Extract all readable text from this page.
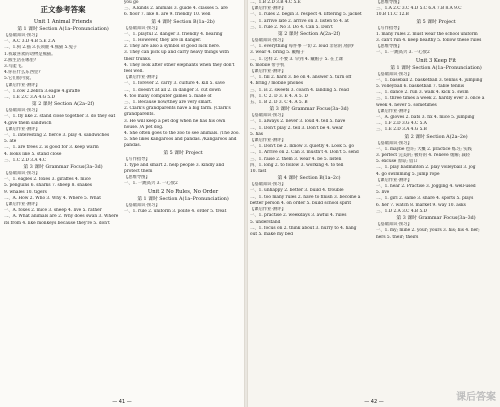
正文参考答案
Unit 1 Animal Friends
第 1 课时 Section A(1a–Pronunciation)
【基础知识·预习】
一、A.C 3.D 4.B 5.E 2.A
二、1.狗 2.猫 3.长颈鹿 4.熊猫 5.兔子
1.我最喜欢的动物是熊猫。
2.熊生活在哪里?
3.鸟能飞。
4.你在什么东西里?
5.它们很可爱。
【课后作业·测评】
一、1.cow 2.zebra 3.eagle 4.giraffe
二、1.E 2.C 3.A 4.G 5.D
第 2 课时 Section A(2a–2f)
【基础知识·预习】
一、1. fly like 2. stand close together 3. do they eat
4.give them sandwich
【课后作业·测评】
一、1. interesting 2. fierce 3. play 4. sandwiches
5. ate
二、1. are trees 2. is good for 3. keep warm
4. looks like 5. stand close
三、1.C 2.D 3.A 4.C
第 3 课时 Grammar Focus(3a–3d)
【基础知识·预习】
一、1. eagles 2. foxes 3. giraffes 4. mice
5. penguins 6. sharks 7. sheep 8. snakes
9. whales 10. tigers
二、A. How 2. Who 3. Why 4. Where 5. What
【课后作业·测评】
一、A. foxes 2. mice 3. sheep 4. live 5. rather
二、A. What animals are 2. Why does swan 3. Where
its from 4. like monkeys because they're 5. don't
you go
三、A.kinds 2. animals 3. guide 4. classes 5. are
6. floor 7. like 8. are 9. friendly 10. well
第 4 课时 Section B(1a–2b)
【基础知识·预习】
一、1. playful 2. danger 3. friendly 4. hearing
二、1. However, they are in danger.
2. They are also a symbol of good luck here.
3. They can pick up and carry heavy things with
their trunks.
4. They look after other elephants when they don't
feel well.
【课后作业·测评】
一、1. forever 2. carry 3. culture 4. kill 5. save
二、1. doesn't at all 2. in danger 3. cut down
4. too many computer games 5. made of
三、1. Because now/they are very smart.
2. Clark's grandparents have a big farm. (Clark's
grandparents.
3. He will keep a pet dog when he has his own
house. /A pet dog.
4. She often goes to the zoo to see animals. /The zoo.
5. She likes kangaroos and pandas. /Kangaroos and
pandas.
第 5 课时 Project
【写作指导】
1. type and smart 2. help people 3. kindly and
protect them
【思维导图】
一、1. 一跳高兴 3. 一心放2
Unit 2 No Rules, No Order
第 1 课时 Section A(1a–Pronunciation)
【基础知识·预习】
一、1. rule 2. uniform 3. polite 4. order 5. treat
— 41 —
二、1.B 2.D 3.B 4.C 5.E
【课后作业·测评】
一、1. rules 2. begin 3. respect 4. littering 5. jacket
二、1. arrive late 2. arrive on 3. listen to 4. at
三、1. rule 2. No 3. Do 4. Can 5. Don't
第 2 课时 Section A(2a–2f)
【基础知识·预习】
一、1. everything 每件事 一切 2. loud 非常的 /很吵
3. wear 4. bring 5. 戴帽子
二、1. 这样 2. 不要 3. 早到 4. 戴帽子 5. 在上课
6. mobile 带手机
【课后作业·测评】
一、1. fill 2. hard 3. be on 4. answer 5. turn off
4. bring / mobile phones
三、1. is 2. sweets 3. coach 4. landing 5. read
四、1. C 2. D 3. E 4. A 5. D
五、1. B 2. D 3. C 4. A 5. B
第 3 课时 Grammar Focus(3a–3d)
【基础知识·预习】
一、1. always 2. never 3. loud 4. tell 5. have
二、1. Don't play 2. tell 3. Don't be 4. wear
5. has
【课后作业·测评】
一、1. Don't be 2. Iknow 3. quietly 4. Look 5. go
二、1. Arrive on 2. Can 3. mustn't 4. Don't 5. send
三、1. raise 2. them 3. wear 4. be 5. listen
四、1. long 2. to follow 3. working 4. to tell
10. fast
第 4 课时 Section B(1a–2c)
【基础知识·预习】
一、1. unhappy 2. better 3. build 4. trouble
二、1. too many rules 2. have to finish 3. become a
better person 4. on order 5. build school spirit
【课后作业·测评】
一、1. practise 2. weekdays 3. awful 4. rules
5. understand
二、1. focus on 2. think about 3. hurry to 4. hang
out 5. make my bed
【思维导图】
三、1.A 2.C 3.C 4.D 5.C 6.A 7.B 8.A 9.C
10.B 11.C 12.B
第 5 课时 Project
【写作指导】
1. many rules 2. must wear the school uniform
3. can't run 4. keep healthy 5. follow these rules
【思维导图】
一、1. 一跳高兴 3. 一心放2
Unit 3 Keep Fit
第 1 课时 Section A(1a–Pronunciation)
【基础知识·预习】
一、1. baseball 2. basketball 3. tennis 4. jumping
5. volleyball 6. basketball 7. table tennis
二、1. dance 2. run 3. walk 4. kick 5. swim
三、1. three times a week 2. hardly ever 3. once a
week 4. never 5. sometimes
【课后作业·测评】
一、A. gloves 2. bats 3. fix 4. mice 5. jumping
二、1.F 2.D 3.G 4.C 5.A
三、1.E 2.D 3.A 4.G 5.B
第 2 课时 Section A(2a–2e)
【基础知识·预习】
一、1. maybe 也许; 大概 2. practice 练习; 实践
3. perfect 完美的; 极好的 4. relieve 缓解; 减轻
5. excuse 原谅; 借口
二、1. play badminton 2. play volleyball 3. jog
4. go swimming 5. jump rope
【课后作业·测评】
一、1. hear 2. Practise 3. Jogging 4. well-used
5. live
二、1. girl 2. same 3. share 4. sports 5. plays
6. her 7. watch 8. market 9. way 10. asks
三、1.D 2.A 3.C 4.B 5.D
第 3 课时 Grammar Focus(3a–3d)
【基础知识·预习】
一、1. my; mine 2. your; yours 3. his; his 4. her;
hers 5. their; theirs
— 42 —	课后答案
